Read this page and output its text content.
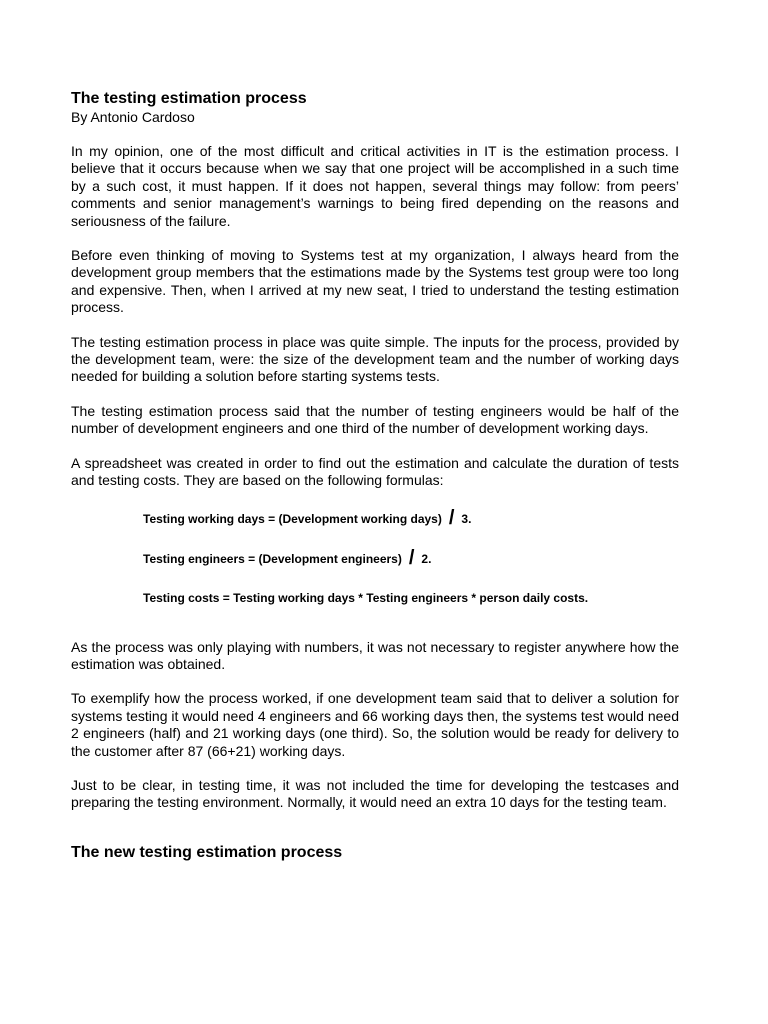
The testing estimation process

By Antonio Cardoso

In my opinion, one of the most difficult and critical activities in IT is the estimation process. I believe that it occurs because when we say that one project will be accomplished in a such time by a such cost, it must happen. If it does not happen, several things may follow: from peers’ comments and senior management’s warnings to being fired depending on the reasons and seriousness of the failure.

Before even thinking of moving to Systems test at my organization, I always heard from the development group members that the estimations made by the Systems test group were too long and expensive. Then, when I arrived at my new seat, I tried to understand the testing estimation process.

The testing estimation process in place was quite simple. The inputs for the process, provided by the development team, were: the size of the development team and the number of working days needed for building a solution before starting systems tests.

The testing estimation process said that the number of testing engineers would be half of the number of development engineers and one third of the number of development working days.

A spreadsheet was created in order to find out the estimation and calculate the duration of tests and testing costs. They are based on the following formulas:

Testing working days = (Development working days) / 3.
Testing engineers = (Development engineers) / 2.
Testing costs = Testing working days * Testing engineers * person daily costs.

As the process was only playing with numbers, it was not necessary to register anywhere how the estimation was obtained.

To exemplify how the process worked, if one development team said that to deliver a solution for systems testing it would need 4 engineers and 66 working days then, the systems test would need 2 engineers (half) and 21 working days (one third). So, the solution would be ready for delivery to the customer after 87 (66+21) working days.

Just to be clear, in testing time, it was not included the time for developing the testcases and preparing the testing environment. Normally, it would need an extra 10 days for the testing team.

The new testing estimation process
